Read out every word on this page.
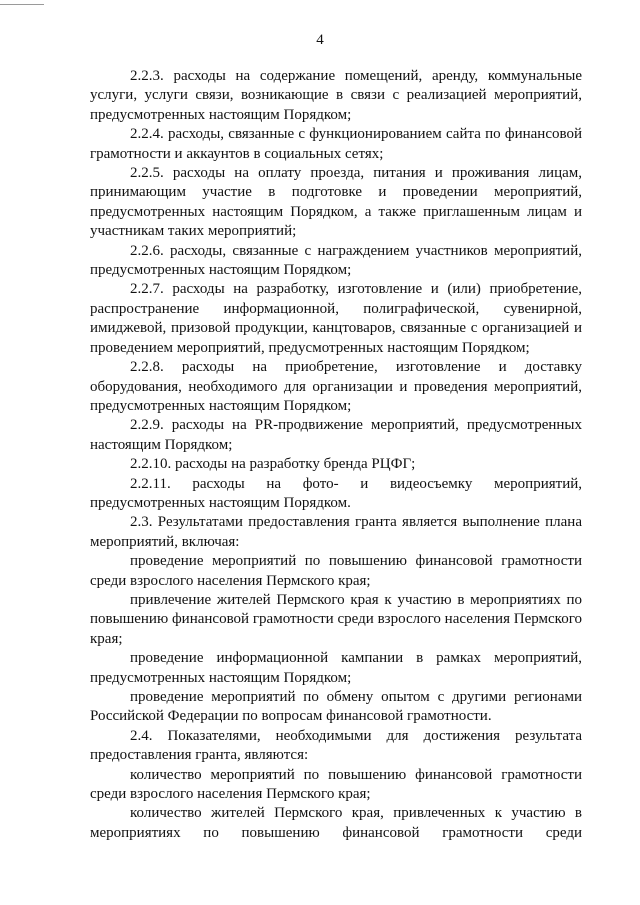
4

2.2.3. расходы на содержание помещений, аренду, коммунальные услуги, услуги связи, возникающие в связи с реализацией мероприятий, предусмотренных настоящим Порядком;

2.2.4. расходы, связанные с функционированием сайта по финансовой грамотности и аккаунтов в социальных сетях;

2.2.5. расходы на оплату проезда, питания и проживания лицам, принимающим участие в подготовке и проведении мероприятий, предусмотренных настоящим Порядком, а также приглашенным лицам и участникам таких мероприятий;

2.2.6. расходы, связанные с награждением участников мероприятий, предусмотренных настоящим Порядком;

2.2.7. расходы на разработку, изготовление и (или) приобретение, распространение информационной, полиграфической, сувенирной, имиджевой, призовой продукции, канцтоваров, связанные с организацией и проведением мероприятий, предусмотренных настоящим Порядком;

2.2.8. расходы на приобретение, изготовление и доставку оборудования, необходимого для организации и проведения мероприятий, предусмотренных настоящим Порядком;

2.2.9. расходы на PR-продвижение мероприятий, предусмотренных настоящим Порядком;

2.2.10. расходы на разработку бренда РЦФГ;

2.2.11. расходы на фото- и видеосъемку мероприятий, предусмотренных настоящим Порядком.

2.3. Результатами предоставления гранта является выполнение плана мероприятий, включая:

проведение мероприятий по повышению финансовой грамотности среди взрослого населения Пермского края;

привлечение жителей Пермского края к участию в мероприятиях по повышению финансовой грамотности среди взрослого населения Пермского края;

проведение информационной кампании в рамках мероприятий, предусмотренных настоящим Порядком;

проведение мероприятий по обмену опытом с другими регионами Российской Федерации по вопросам финансовой грамотности.

2.4. Показателями, необходимыми для достижения результата предоставления гранта, являются:

количество мероприятий по повышению финансовой грамотности среди взрослого населения Пермского края;

количество жителей Пермского края, привлеченных к участию в мероприятиях по повышению финансовой грамотности среди
